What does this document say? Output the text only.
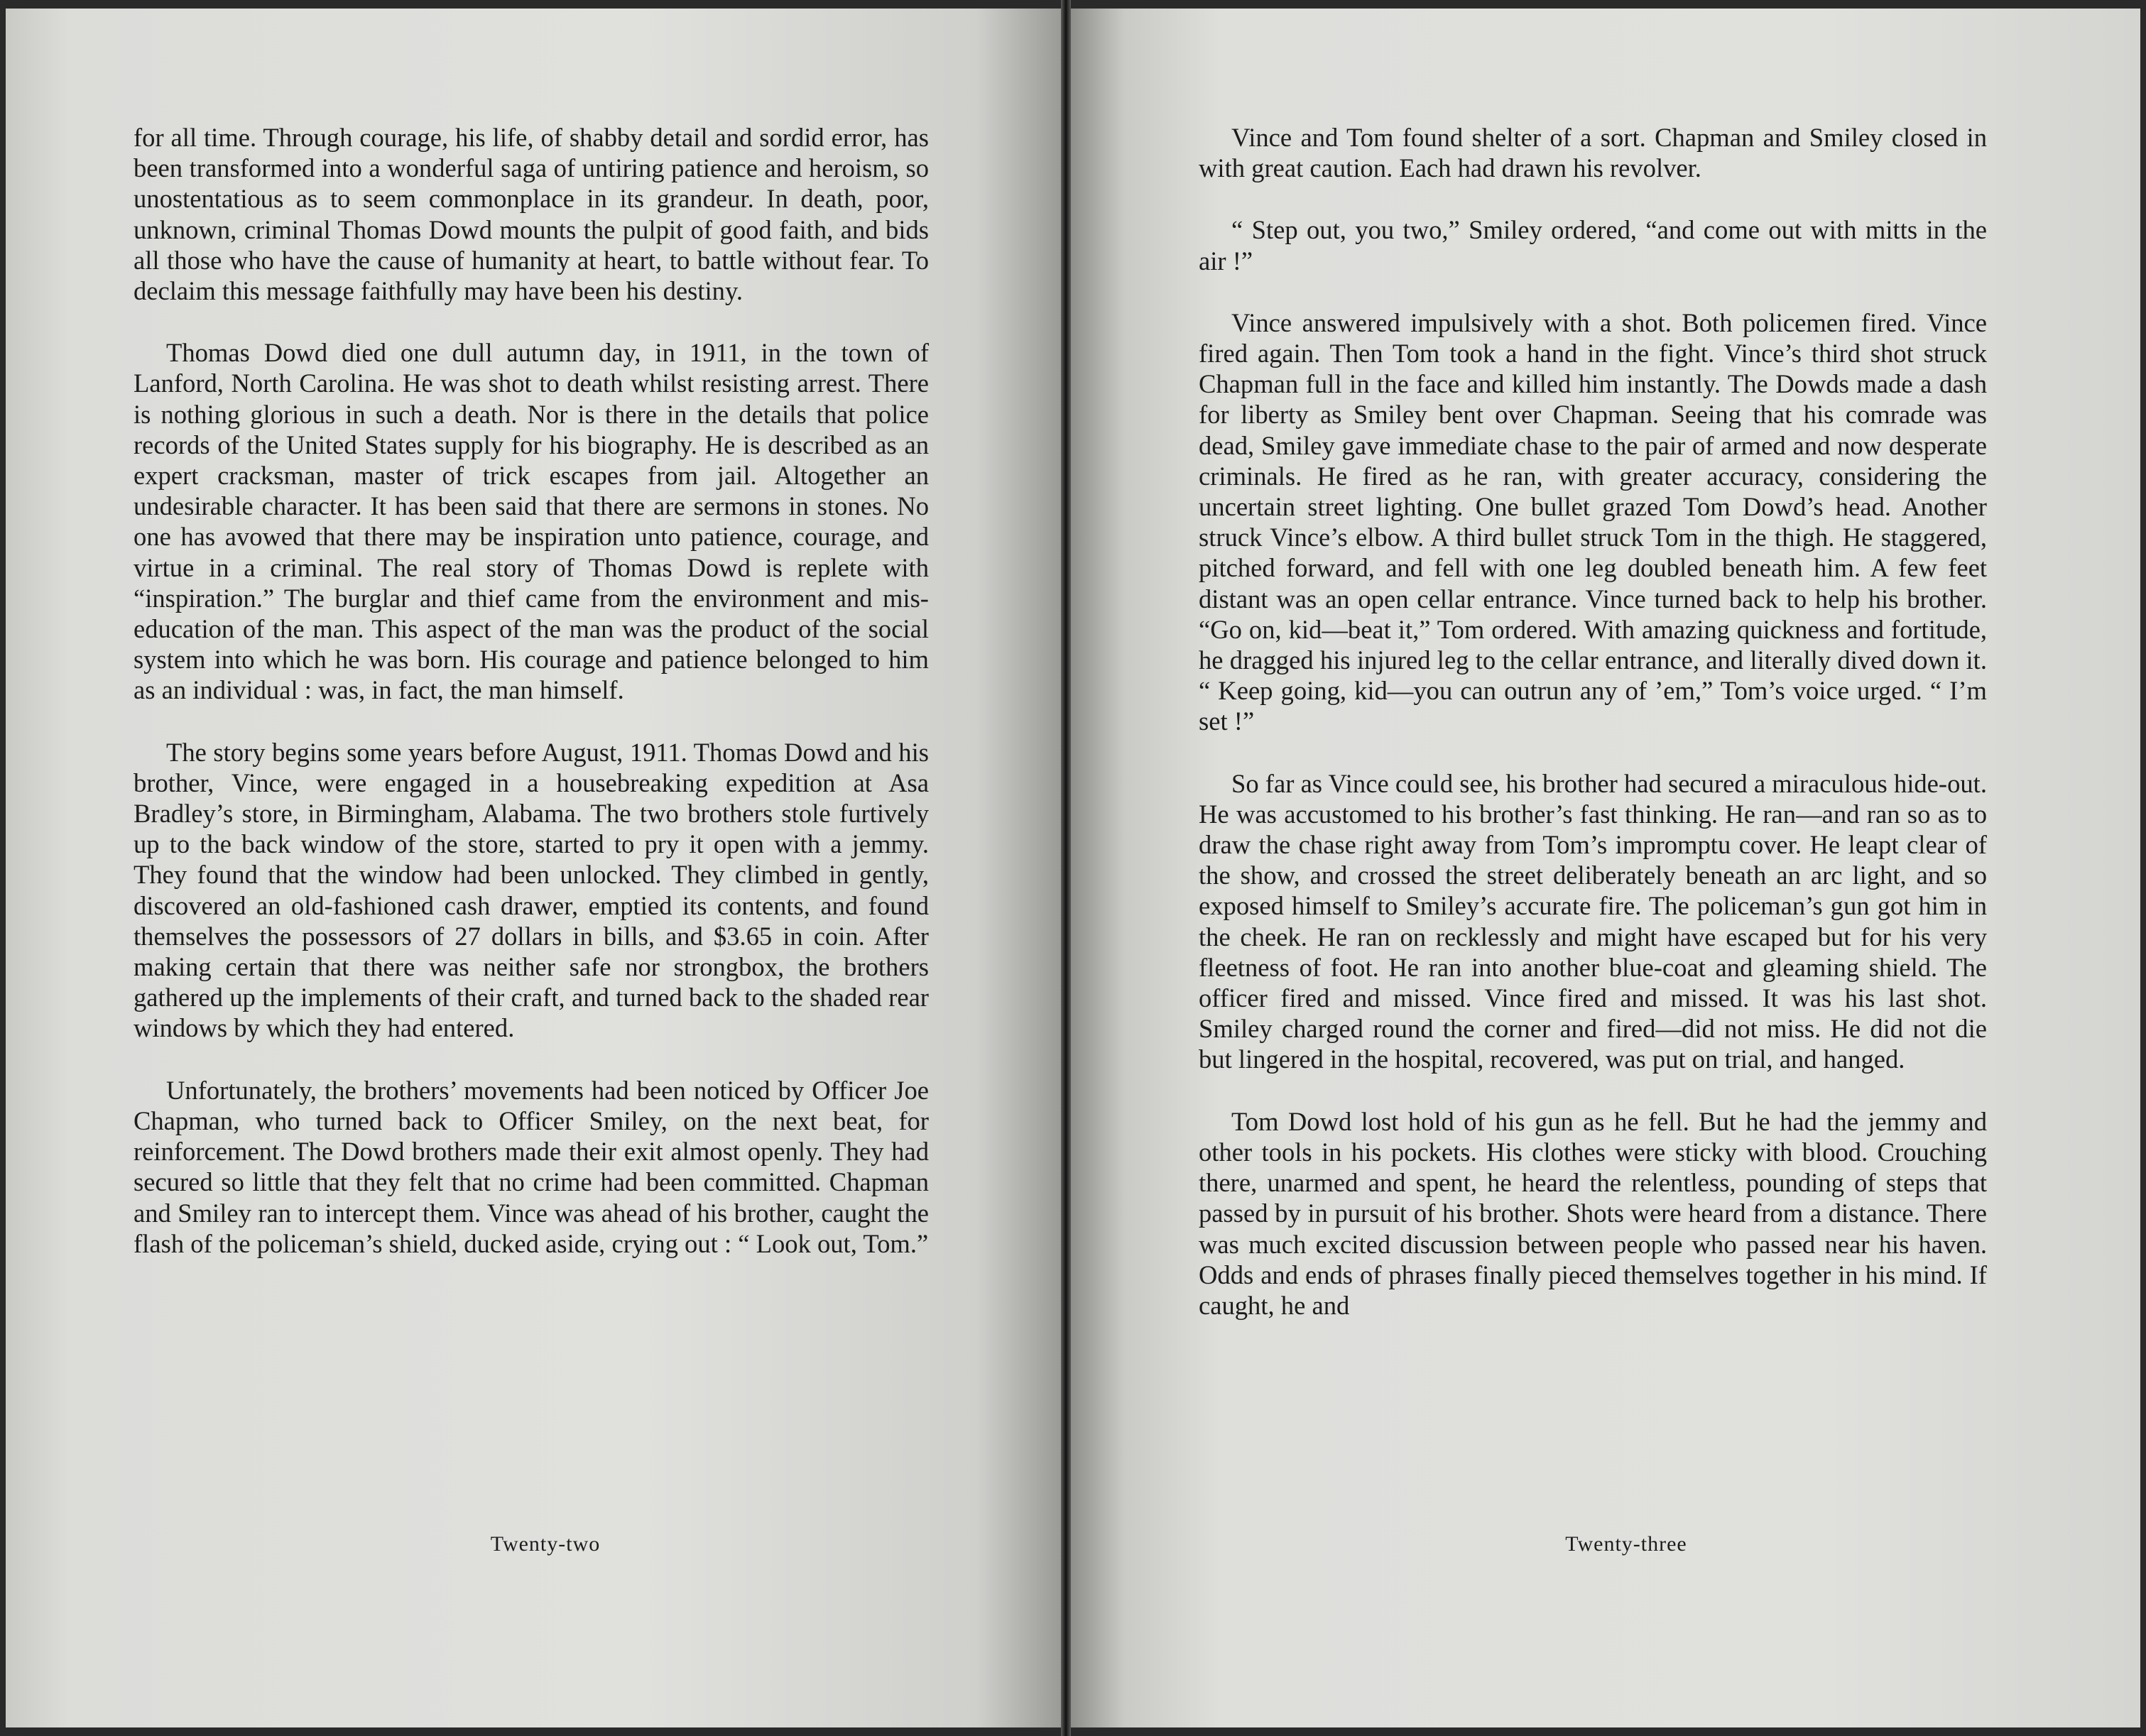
for all time. Through courage, his life, of shabby detail and sordid error, has been transformed into a wonderful saga of untiring patience and heroism, so unostentatious as to seem commonplace in its grandeur. In death, poor, unknown, criminal Thomas Dowd mounts the pulpit of good faith, and bids all those who have the cause of humanity at heart, to battle without fear. To declaim this message faithfully may have been his destiny.

Thomas Dowd died one dull autumn day, in 1911, in the town of Lanford, North Carolina. He was shot to death whilst resisting arrest. There is nothing glorious in such a death. Nor is there in the details that police records of the United States supply for his biography. He is described as an expert cracksman, master of trick escapes from jail. Altogether an undesirable character. It has been said that there are sermons in stones. No one has avowed that there may be inspiration unto patience, courage, and virtue in a criminal. The real story of Thomas Dowd is replete with “inspiration.” The burglar and thief came from the environment and mis-education of the man. This aspect of the man was the product of the social system into which he was born. His courage and patience belonged to him as an individual : was, in fact, the man himself.

The story begins some years before August, 1911. Thomas Dowd and his brother, Vince, were engaged in a housebreaking expedition at Asa Bradley’s store, in Birmingham, Alabama. The two brothers stole furtively up to the back window of the store, started to pry it open with a jemmy. They found that the window had been unlocked. They climbed in gently, discovered an old-fashioned cash drawer, emptied its contents, and found themselves the possessors of 27 dollars in bills, and $3.65 in coin. After making certain that there was neither safe nor strongbox, the brothers gathered up the implements of their craft, and turned back to the shaded rear windows by which they had entered.

Unfortunately, the brothers’ movements had been noticed by Officer Joe Chapman, who turned back to Officer Smiley, on the next beat, for reinforcement. The Dowd brothers made their exit almost openly. They had secured so little that they felt that no crime had been committed. Chapman and Smiley ran to intercept them. Vince was ahead of his brother, caught the flash of the policeman’s shield, ducked aside, crying out : “ Look out, Tom.”

Twenty-two

Vince and Tom found shelter of a sort. Chapman and Smiley closed in with great caution. Each had drawn his revolver.

“ Step out, you two,” Smiley ordered, “and come out with mitts in the air !”

Vince answered impulsively with a shot. Both policemen fired. Vince fired again. Then Tom took a hand in the fight. Vince’s third shot struck Chapman full in the face and killed him instantly. The Dowds made a dash for liberty as Smiley bent over Chapman. Seeing that his comrade was dead, Smiley gave immediate chase to the pair of armed and now desperate criminals. He fired as he ran, with greater accuracy, considering the uncertain street lighting. One bullet grazed Tom Dowd’s head. Another struck Vince’s elbow. A third bullet struck Tom in the thigh. He staggered, pitched forward, and fell with one leg doubled beneath him. A few feet distant was an open cellar entrance. Vince turned back to help his brother. “Go on, kid—beat it,” Tom ordered. With amazing quickness and fortitude, he dragged his injured leg to the cellar entrance, and literally dived down it. “ Keep going, kid—you can outrun any of ’em,” Tom’s voice urged. “ I’m set !”

So far as Vince could see, his brother had secured a miraculous hide-out. He was accustomed to his brother’s fast thinking. He ran—and ran so as to draw the chase right away from Tom’s impromptu cover. He leapt clear of the show, and crossed the street deliberately beneath an arc light, and so exposed himself to Smiley’s accurate fire. The policeman’s gun got him in the cheek. He ran on recklessly and might have escaped but for his very fleetness of foot. He ran into another blue-coat and gleaming shield. The officer fired and missed. Vince fired and missed. It was his last shot. Smiley charged round the corner and fired—did not miss. He did not die but lingered in the hospital, recovered, was put on trial, and hanged.

Tom Dowd lost hold of his gun as he fell. But he had the jemmy and other tools in his pockets. His clothes were sticky with blood. Crouching there, unarmed and spent, he heard the relentless, pounding of steps that passed by in pursuit of his brother. Shots were heard from a distance. There was much excited discussion between people who passed near his haven. Odds and ends of phrases finally pieced themselves together in his mind. If caught, he and

Twenty-three
